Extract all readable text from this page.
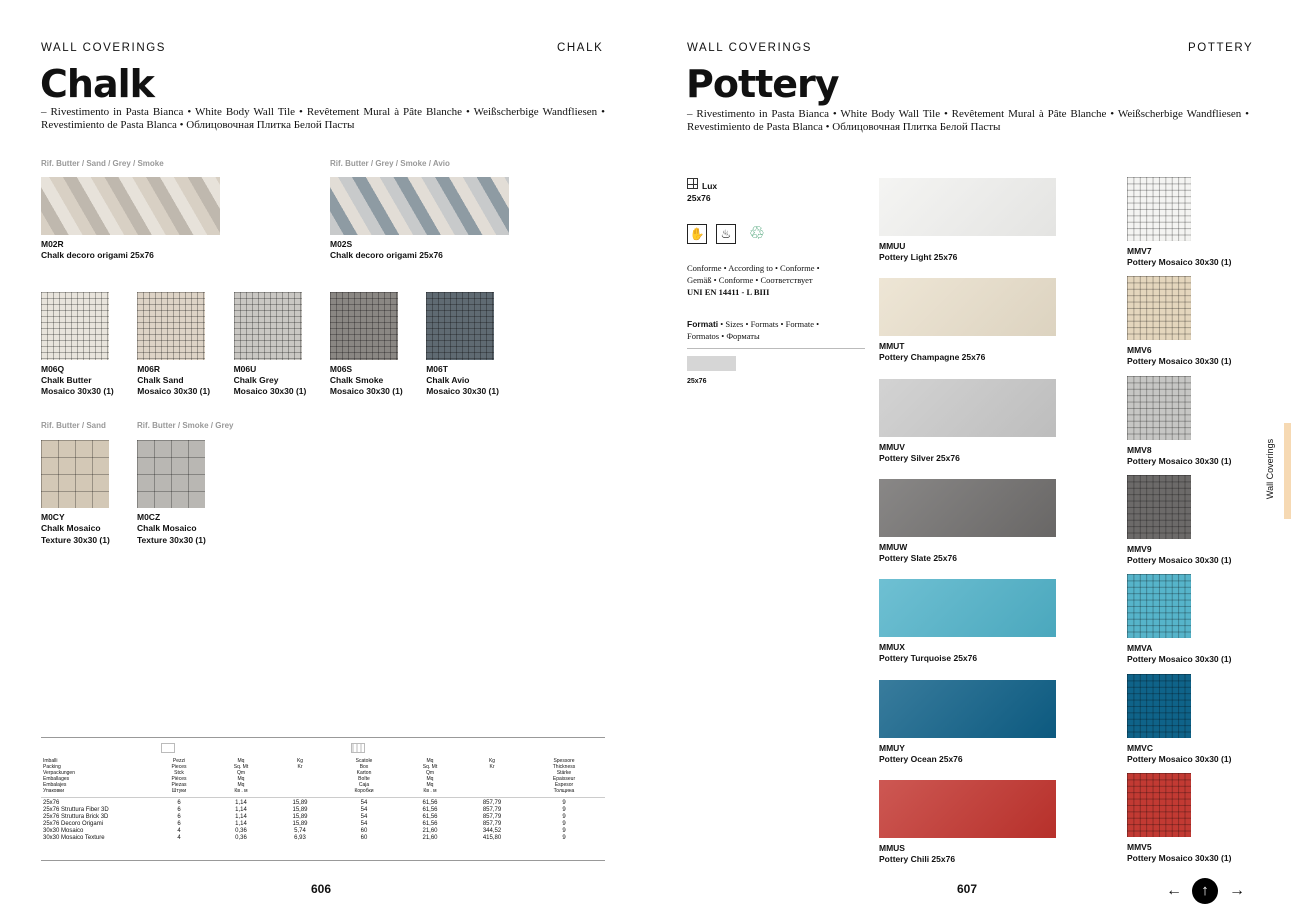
WALL COVERINGS	CHALK
Chalk
– Rivestimento in Pasta Bianca • White Body Wall Tile • Revêtement Mural à Pâte Blanche • Weißscherbige Wandfliesen • Revestimiento de Pasta Blanca • Облицовочная Плитка Белой Пасты
Rif. Butter / Sand / Grey / Smoke
M02R
Chalk decoro origami 25x76
Rif. Butter / Grey / Smoke / Avio
M02S
Chalk decoro origami 25x76
M06Q
Chalk Butter
Mosaico 30x30 (1)
M06R
Chalk Sand
Mosaico 30x30 (1)
M06U
Chalk Grey
Mosaico 30x30 (1)
M06S
Chalk Smoke
Mosaico 30x30 (1)
M06T
Chalk Avio
Mosaico 30x30 (1)
Rif. Butter / Sand
M0CY
Chalk Mosaico
Texture 30x30 (1)
Rif. Butter / Smoke / Grey
M0CZ
Chalk Mosaico
Texture 30x30 (1)
Imballi
Packing
Verpackungen
Emballages
Embalajes
Упаковки

Pezzi
Pieces
Stck
Pièces
Piezas
Штуки

Mq
Sq. Mt
Qm
Mq
Mq
Кв . м

Kg
Kr

Scatole
Box
Karton
Boîte
Caja
Коробки

Mq
Sq. Mt
Qm
Mq
Mq
Кв . м

Kg
Kr

Spessore
Thickness
Stärke
Epaisseur
Espesor
Толщина
25x76	6	1,14	15,89	54	61,56	857,79	9
25x76 Struttura Fiber 3D	6	1,14	15,89	54	61,56	857,79	9
25x76 Struttura Brick 3D	6	1,14	15,89	54	61,56	857,79	9
25x76 Decoro Origami	6	1,14	15,89	54	61,56	857,79	9
30x30 Mosaico	4	0,36	5,74	60	21,60	344,52	9
30x30 Mosaico Texture	4	0,36	6,93	60	21,60	415,80	9
606
WALL COVERINGS	POTTERY
Pottery
– Rivestimento in Pasta Bianca • White Body Wall Tile • Revêtement Mural à Pâte Blanche • Weißscherbige Wandfliesen • Revestimiento de Pasta Blanca • Облицовочная Плитка Белой Пасты
Lux
25x76
✋	♨ ♲
Conforme • According to • Conforme •
Gemäß • Conforme • Соответствует
UNI EN 14411 - L BIII
Formati • Sizes • Formats • Formate •
Formatos • Форматы
25x76
MMUU
Pottery Light 25x76
MMUT
Pottery Champagne 25x76
MMUV
Pottery Silver 25x76
MMUW
Pottery Slate 25x76
MMUX
Pottery Turquoise 25x76
MMUY
Pottery Ocean 25x76
MMUS
Pottery Chili 25x76
MMV7
Pottery Mosaico 30x30 (1)
MMV6
Pottery Mosaico 30x30 (1)
MMV8
Pottery Mosaico 30x30 (1)
MMV9
Pottery Mosaico 30x30 (1)
MMVA
Pottery Mosaico 30x30 (1)
MMVC
Pottery Mosaico 30x30 (1)
MMV5
Pottery Mosaico 30x30 (1)
Wall Coverings
607	←	↑	→
